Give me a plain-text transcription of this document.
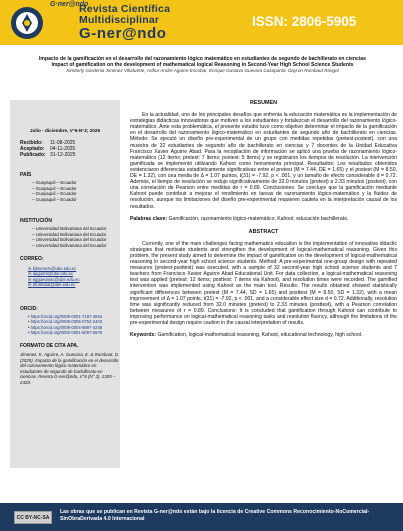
G·ner@ndo
Revista Científica
Multidisciplinar
G-ner@ndo
ISSN: 2806-5905
Impacto de la gamificación en el desarrollo del razonamiento lógico matemático en estudiantes de segundo de bachillerato en ciencias
Impact of gamification on the development of mathematical logical Reasoning in Second-Year High School Science Students
Kimberly Gardenia Jimenez Villafuerte, Arthur André Aguirre Escobar, Enrique Gustavo Guevara Cazapanta, Dayron Rumbaut Rangel
Julio - diciembre, V°6-N°2; 2025
Recibido: 11-08-2025
Aceptado: 04-11-2025
Publicado: 31-12-2025
PAÍS
– Guayaquil – Ecuador
– Guayaquil – Ecuador
– Guayaquil – Ecuador
– Guayaquil – Ecuador
INSTITUCIÓN
– Universidad Bolivariana del Ecuador
– Universidad Bolivariana del Ecuador
– Universidad Bolivariana del Ecuador
– Universidad Bolivariana del Ecuador
CORREO:
✉ kjimenezv@ube.edu.ec
✉ aaguirre@ube.edu.ec
✉ egguevarac@ube.edu.ec
✉ drumbaut@ube.edu.ec
ORCID:
• https://orcid.org/0009-0001-7187-4844
• https://orcid.org/0009-0005-0752-2403
• https://orcid.org/0009-0004-9887-4248
• https://orcid.org/0000-0001-8087-0879
FORMATO DE CITA APA.
Jimenez, K. Aguirre, A. Guevara, E. & Rumbaut, D. (2025). Impacto de la gamificación en el desarrollo del razonamiento lógico matemático en estudiantes de segundo de bachillerato en ciencias. Revista G-ner@ndo, V°6 (N° 2). 2305 – 2428.
RESUMEN
En la actualidad, uno de los principales desafíos que enfrenta la educación matemática es la implementación de estrategias didácticas innovadoras que motiven a los estudiantes y fortalezcan el desarrollo del razonamiento lógico-matemático. Ante esta problemática, el presente estudio tuvo como objetivo determinar el impacto de la gamificación en el desarrollo del razonamiento lógico-matemático en estudiantes de segundo año de bachillerato en ciencias. Método: Se ejecutó un diseño pre-experimental de un grupo con medidas repetidas (pretest-postest), con una muestra de 32 estudiantes de segundo año de bachillerato en ciencias y 7 docentes de la Unidad Educativa Francisco Xavier Aguirre Abad. Para la recopilación de información se aplicó una prueba de razonamiento lógico-matemático (12 ítems; pretest: 7 ítems; postest: 5 ítems) y se registraron los tiempos de resolución. La intervención gamificada se implementó utilizando Kahoot como herramienta principal. Resultados: Los resultados obtenidos evidenciaron diferencias estadísticamente significativas entre el pretest (M = 7.44, DE = 1.65) y el postest (M = 8.50, DE = 1.32), con una media de Δ = 1.07 puntos, t(31) = -7.92, p < .001, y un tamaño de efecto considerable d = 0.72. Además, el tiempo de resolución se redujo significativamente de 32.0 minutos (pretest) a 2.33 minutos (postest), con una correlación de Pearson entre medidas de r = 0.89. Conclusiones: Se concluye que la gamificación mediante Kahoot puede contribuir a mejorar el rendimiento en tareas de razonamiento lógico-matemático y la fluidez de resolución, aunque los limitaciones del diseño pre-experimental requieren cautela en la interpretación causal de los resultados.
Palabras clave: Gamificación, razonamiento lógico-matemático, Kahoot, educación bachillerato.
ABSTRACT
Currently, one of the main challenges facing mathematics education is the implementation of innovative didactic strategies that motivate students and strengthen the development of logical-mathematical reasoning. Given this problem, the present study aimed to determine the impact of gamification on the development of logical-mathematical reasoning in second-year high school science students. Method: A pre-experimental one-group design with repeated measures (pretest-posttest) was executed, with a sample of 32 second-year high school science students and 7 teachers from Francisco Xavier Aguirre Abad Educational Unit. For data collection, a logical-mathematical reasoning test was applied (pretest: 12 items; posttest: 7 items via Kahoot), and resolution times were recorded. The gamified intervention was implemented using Kahoot as the main tool. Results: The results obtained showed statistically significant differences between pretest (M = 7.44, SD = 1.65) and posttest (M = 8.50, SD = 1.32), with a mean improvement of Δ = 1.07 points, t(31) = -7.92, p < .001, and a considerable effect size d = 0.72. Additionally, resolution time was significantly reduced from 32.0 minutes (pretest) to 2.33 minutes (posttest), with a Pearson correlation between measures of r = 0.89. Conclusions: It is concluded that gamification through Kahoot can contribute to improving performance on logical-mathematical reasoning tasks and resolution fluency, although the limitations of the pre-experimental design require caution in the causal interpretation of results.
Keywords: Gamification, logical-mathematical reasoning, Kahoot, educational technology, high school.
CC BY-NC-SA
Las obras que se publican en Revista G-ner@ndo están bajo la licencia de Creative Commons Reconocimiento-NoComercial-SinObraDerivada 4.0 Internacional
